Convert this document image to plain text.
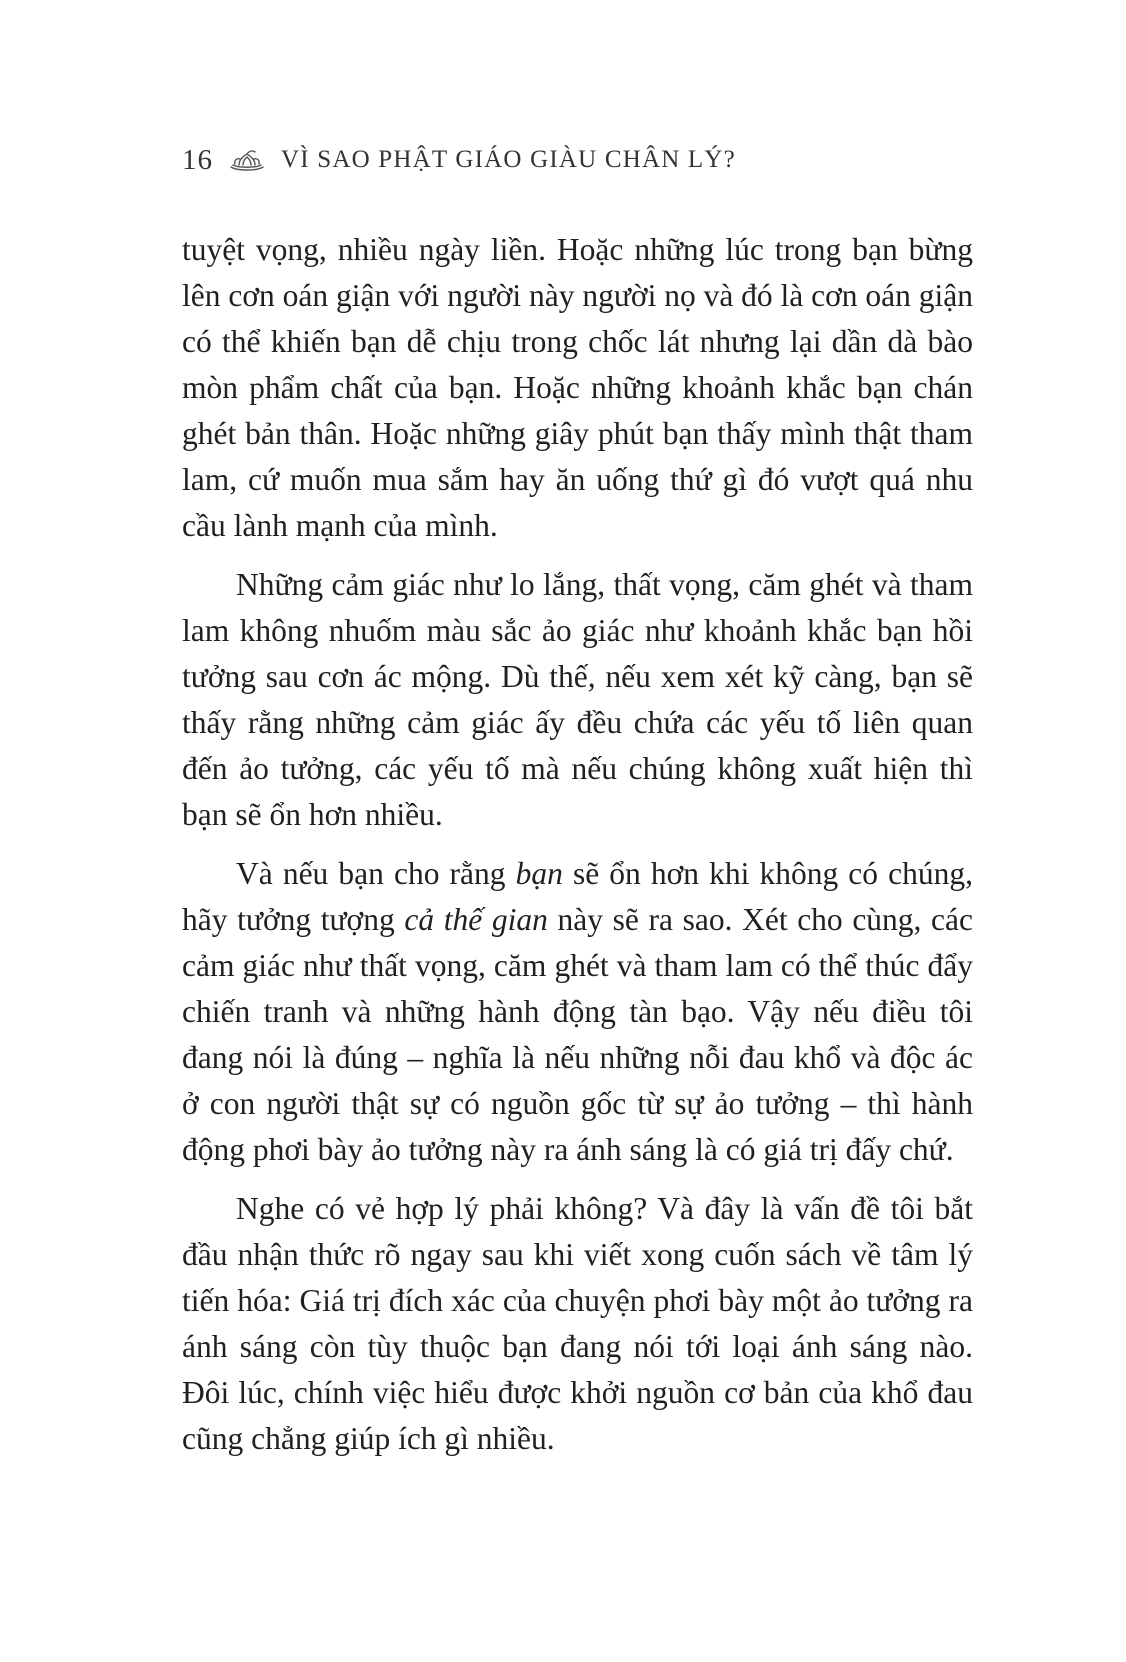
16	VÌ SAO PHẬT GIÁO GIÀU CHÂN LÝ?

tuyệt vọng, nhiều ngày liền. Hoặc những lúc trong bạn bừng lên cơn oán giận với người này người nọ và đó là cơn oán giận có thể khiến bạn dễ chịu trong chốc lát nhưng lại dần dà bào mòn phẩm chất của bạn. Hoặc những khoảnh khắc bạn chán ghét bản thân. Hoặc những giây phút bạn thấy mình thật tham lam, cứ muốn mua sắm hay ăn uống thứ gì đó vượt quá nhu cầu lành mạnh của mình.

Những cảm giác như lo lắng, thất vọng, căm ghét và tham lam không nhuốm màu sắc ảo giác như khoảnh khắc bạn hồi tưởng sau cơn ác mộng. Dù thế, nếu xem xét kỹ càng, bạn sẽ thấy rằng những cảm giác ấy đều chứa các yếu tố liên quan đến ảo tưởng, các yếu tố mà nếu chúng không xuất hiện thì bạn sẽ ổn hơn nhiều.

Và nếu bạn cho rằng bạn sẽ ổn hơn khi không có chúng, hãy tưởng tượng cả thế gian này sẽ ra sao. Xét cho cùng, các cảm giác như thất vọng, căm ghét và tham lam có thể thúc đẩy chiến tranh và những hành động tàn bạo. Vậy nếu điều tôi đang nói là đúng – nghĩa là nếu những nỗi đau khổ và độc ác ở con người thật sự có nguồn gốc từ sự ảo tưởng – thì hành động phơi bày ảo tưởng này ra ánh sáng là có giá trị đấy chứ.

Nghe có vẻ hợp lý phải không? Và đây là vấn đề tôi bắt đầu nhận thức rõ ngay sau khi viết xong cuốn sách về tâm lý tiến hóa: Giá trị đích xác của chuyện phơi bày một ảo tưởng ra ánh sáng còn tùy thuộc bạn đang nói tới loại ánh sáng nào. Đôi lúc, chính việc hiểu được khởi nguồn cơ bản của khổ đau cũng chẳng giúp ích gì nhiều.
